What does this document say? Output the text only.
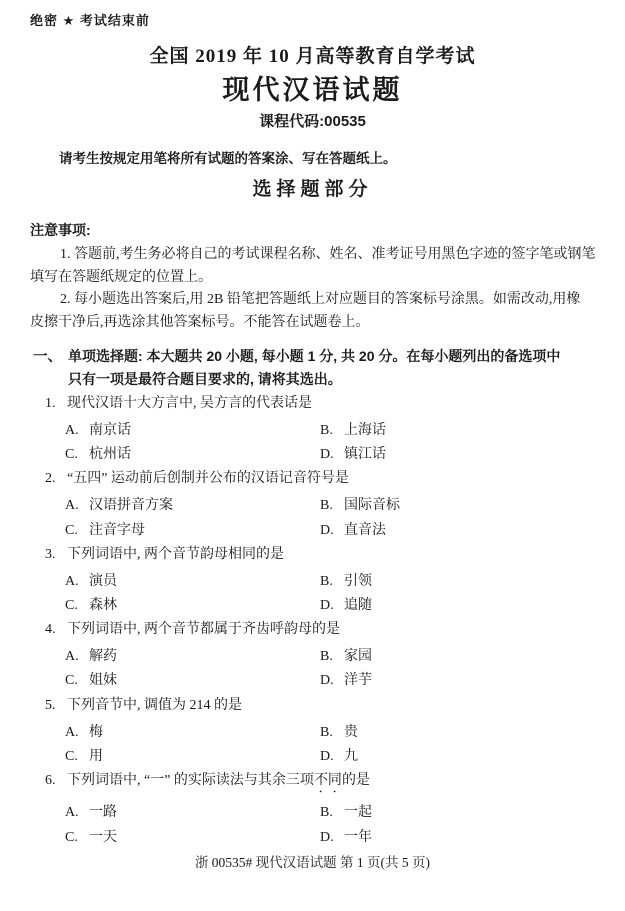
绝密 ★ 考试结束前
全国 2019 年 10 月高等教育自学考试
现代汉语试题
课程代码:00535
请考生按规定用笔将所有试题的答案涂、写在答题纸上。
选择题部分
注意事项:
1. 答题前,考生务必将自己的考试课程名称、姓名、准考证号用黑色字迹的签字笔或钢笔
填写在答题纸规定的位置上。
2. 每小题选出答案后,用 2B 铅笔把答题纸上对应题目的答案标号涂黑。如需改动,用橡
皮擦干净后,再选涂其他答案标号。不能答在试题卷上。
一、 单项选择题: 本大题共 20 小题, 每小题 1 分, 共 20 分。在每小题列出的备选项中
只有一项是最符合题目要求的, 请将其选出。
1. 现代汉语十大方言中, 吴方言的代表话是
A. 南京话	B. 上海话
C. 杭州话	D. 镇江话
2. “五四” 运动前后创制并公布的汉语记音符号是
A. 汉语拼音方案	B. 国际音标
C. 注音字母	D. 直音法
3. 下列词语中, 两个音节韵母相同的是
A. 演员	B. 引领
C. 森林	D. 追随
4. 下列词语中, 两个音节都属于齐齿呼韵母的是
A. 解药	B. 家园
C. 姐妹	D. 洋芋
5. 下列音节中, 调值为 214 的是
A. 梅	B. 贵
C. 用	D. 九
6. 下列词语中, “一” 的实际读法与其余三项不同的是
A. 一路	B. 一起
C. 一天	D. 一年
浙 00535# 现代汉语试题 第 1 页(共 5 页)
